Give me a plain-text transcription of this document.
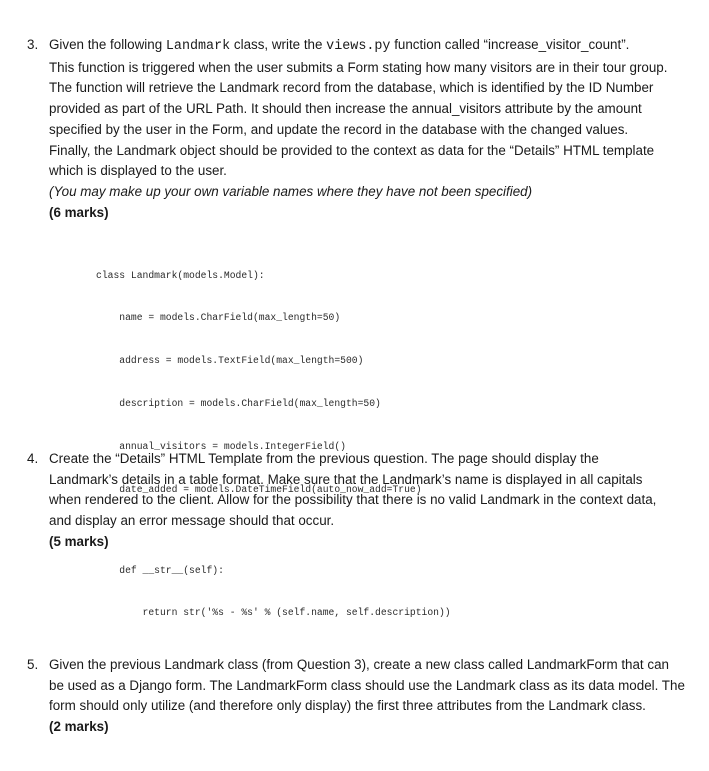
3. Given the following Landmark class, write the views.py function called “increase_visitor_count”.

This function is triggered when the user submits a Form stating how many visitors are in their tour group.

The function will retrieve the Landmark record from the database, which is identified by the ID Number

provided as part of the URL Path. It should then increase the annual_visitors attribute by the amount

specified by the user in the Form, and update the record in the database with the changed values.

Finally, the Landmark object should be provided to the context as data for the “Details” HTML template

which is displayed to the user.

(You may make up your own variable names where they have not been specified)

(6 marks)

class Landmark(models.Model):

name = models.CharField(max_length=50)

address = models.TextField(max_length=500)

description = models.CharField(max_length=50)

annual_visitors = models.IntegerField()

date_added = models.DateTimeField(auto_now_add=True)

def __str__(self):

return str('%s - %s' % (self.name, self.description))

4. Create the “Details” HTML Template from the previous question. The page should display the

Landmark’s details in a table format. Make sure that the Landmark’s name is displayed in all capitals

when rendered to the client. Allow for the possibility that there is no valid Landmark in the context data,

and display an error message should that occur.

(5 marks)

5. Given the previous Landmark class (from Question 3), create a new class called LandmarkForm that can

be used as a Django form. The LandmarkForm class should use the Landmark class as its data model. The

form should only utilize (and therefore only display) the first three attributes from the Landmark class.

(2 marks)
